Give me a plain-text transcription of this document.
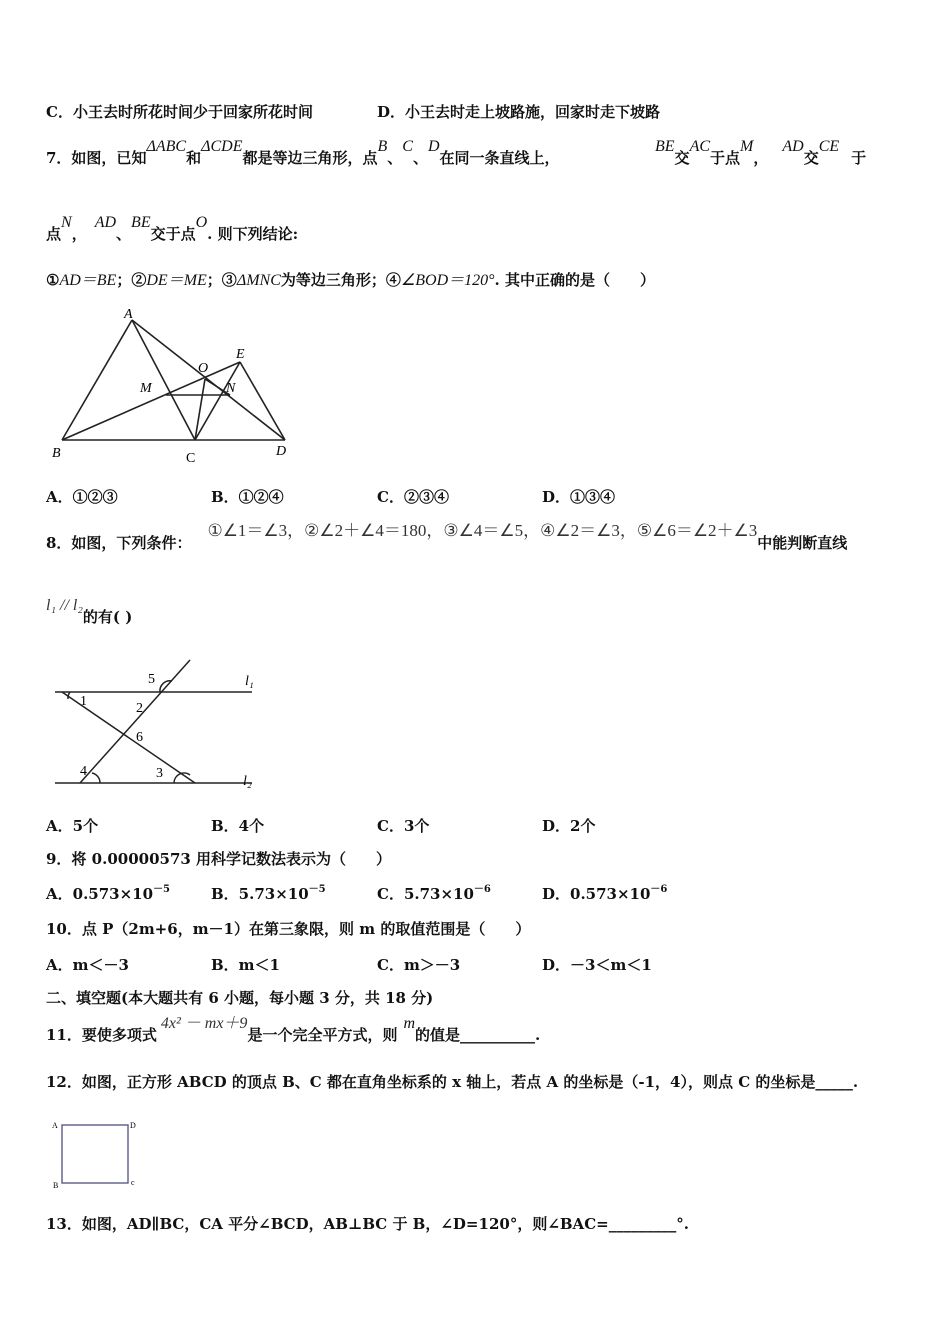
C．小王去时所花时间少于回家所花时间	D．小王去时走上坡路施，回家时走下坡路
7．如图，已知ΔABC和ΔCDE都是等边三角形，点B、C、D在同一条直线上，
BE交AC于点M，AD交CE于
点N，AD、BE交于点O. 则下列结论:
①AD＝BE；②DE＝ME；③ΔMNC为等边三角形；④∠BOD＝120°. 其中正确的是（　　）
A
B	C	D
E
M	N
O
A．①②③	B．①②④	C．②③④	D．①③④
8．如图，下列条件：①∠1＝∠3，②∠2＋∠4＝180，③∠4＝∠5，④∠2＝∠3，⑤∠6＝∠2＋∠3中能判断直线
l₁ // l₂的有( )
1	2
3
4
5
6
l₁
l₂
A．5个	B．4个	C．3个	D．2个
9．将 0.00000573 用科学记数法表示为（　　）
A．$0.573\times 10^{-5}$	B．$5.73\times 10^{-5}$	C．$5.73\times 10^{-6}$	D．$0.573\times 10^{-6}$
10．点 P（2m+6，m－1）在第三象限，则 m 的取值范围是（　　）
A．m＜－3	B．m＜1	C．m＞－3	D．－3＜m＜1
二、填空题(本大题共有 6 小题，每小题 3 分，共 18 分)
11．要使多项式4x² － mx＋9是一个完全平方式，则m的值是__________.
12．如图，正方形 ABCD 的顶点 B、C 都在直角坐标系的 x 轴上，若点 A 的坐标是（-1，4），则点 C 的坐标是_____.
A	D
B	c
13．如图，AD∥BC，CA 平分∠BCD，AB⊥BC 于 B，∠D=120°，则∠BAC=_________°.
